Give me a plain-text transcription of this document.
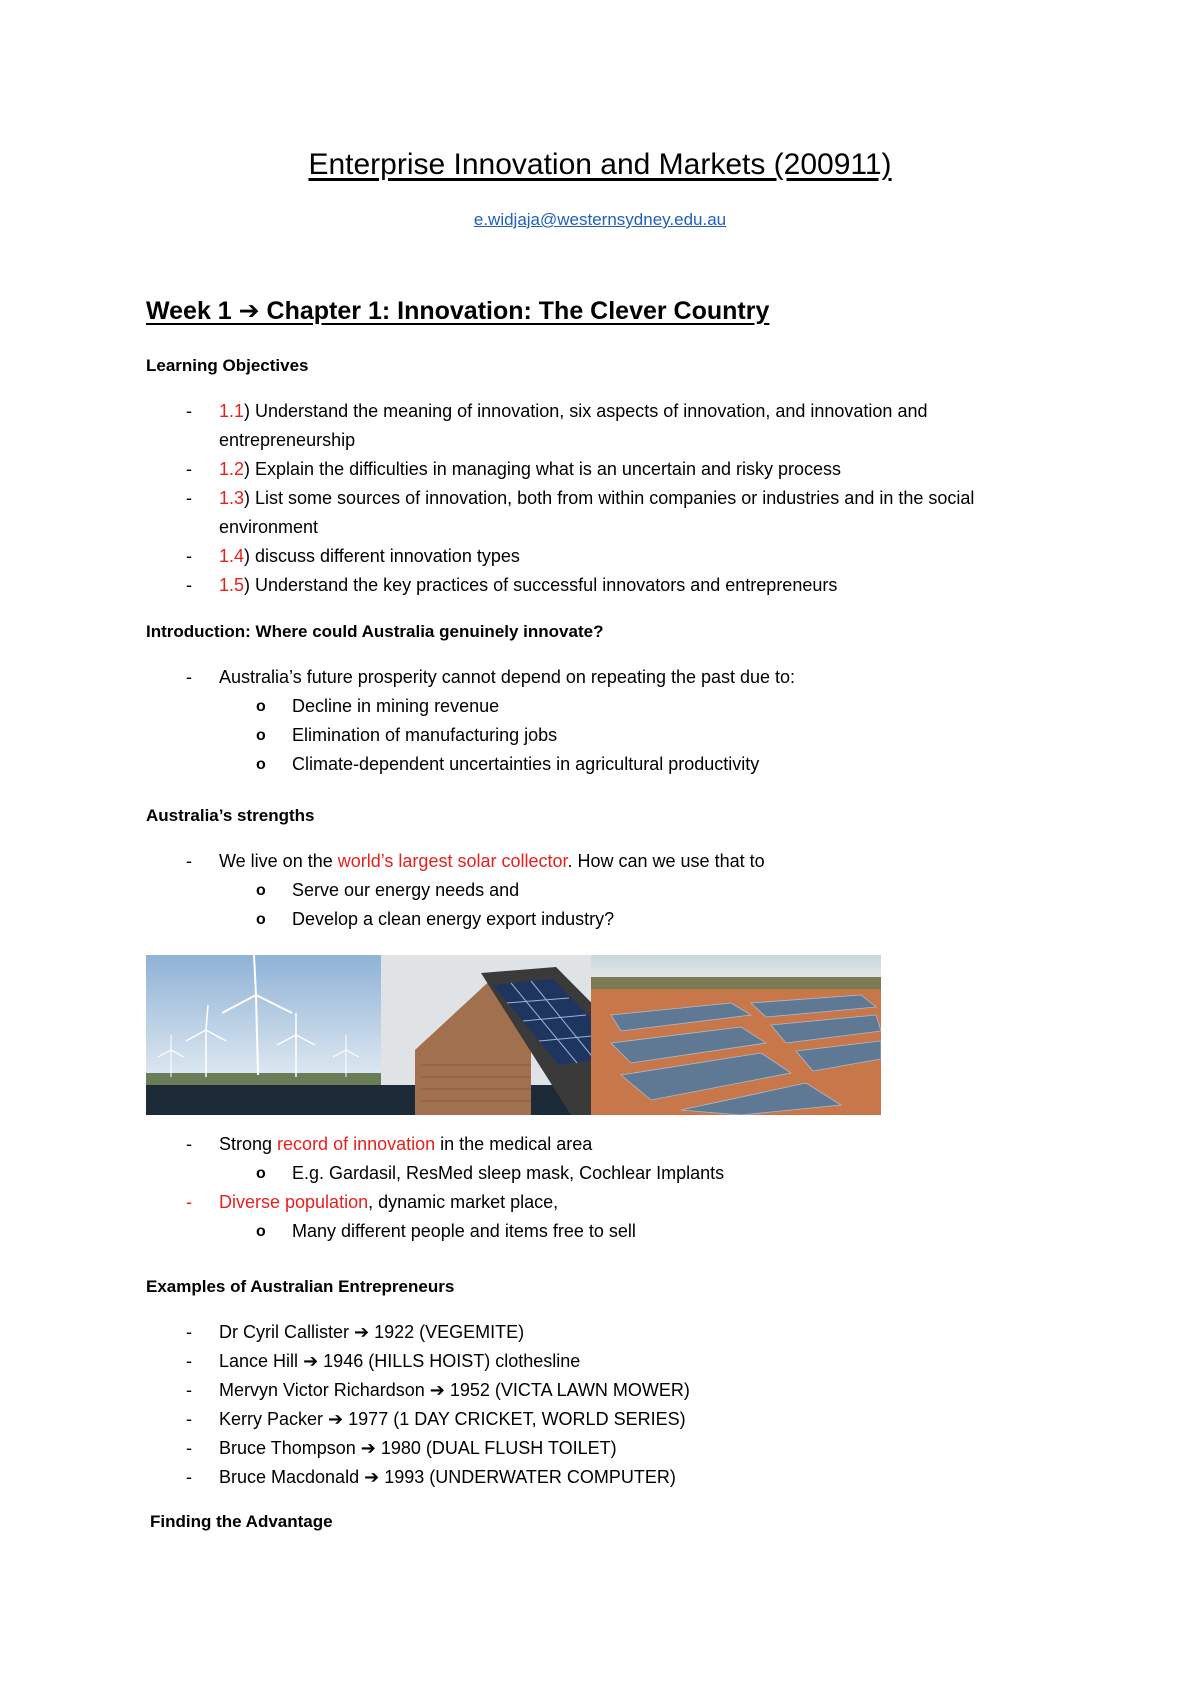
Enterprise Innovation and Markets (200911)
e.widjaja@westernsydney.edu.au
Week 1 ➔ Chapter 1: Innovation: The Clever Country
Learning Objectives
- 1.1) Understand the meaning of innovation, six aspects of innovation, and innovation and entrepreneurship
- 1.2) Explain the difficulties in managing what is an uncertain and risky process
- 1.3) List some sources of innovation, both from within companies or industries and in the social environment
- 1.4) discuss different innovation types
- 1.5) Understand the key practices of successful innovators and entrepreneurs
Introduction: Where could Australia genuinely innovate?
- Australia’s future prosperity cannot depend on repeating the past due to:
o Decline in mining revenue
o Elimination of manufacturing jobs
o Climate-dependent uncertainties in agricultural productivity
Australia’s strengths
- We live on the world’s largest solar collector. How can we use that to
o Serve our energy needs and
o Develop a clean energy export industry?
- Strong record of innovation in the medical area
o E.g. Gardasil, ResMed sleep mask, Cochlear Implants
- Diverse population, dynamic market place,
o Many different people and items free to sell
Examples of Australian Entrepreneurs
- Dr Cyril Callister ➔ 1922 (VEGEMITE)
- Lance Hill ➔ 1946 (HILLS HOIST) clothesline
- Mervyn Victor Richardson ➔ 1952 (VICTA LAWN MOWER)
- Kerry Packer ➔ 1977 (1 DAY CRICKET, WORLD SERIES)
- Bruce Thompson ➔ 1980 (DUAL FLUSH TOILET)
- Bruce Macdonald ➔ 1993 (UNDERWATER COMPUTER)
Finding the Advantage
